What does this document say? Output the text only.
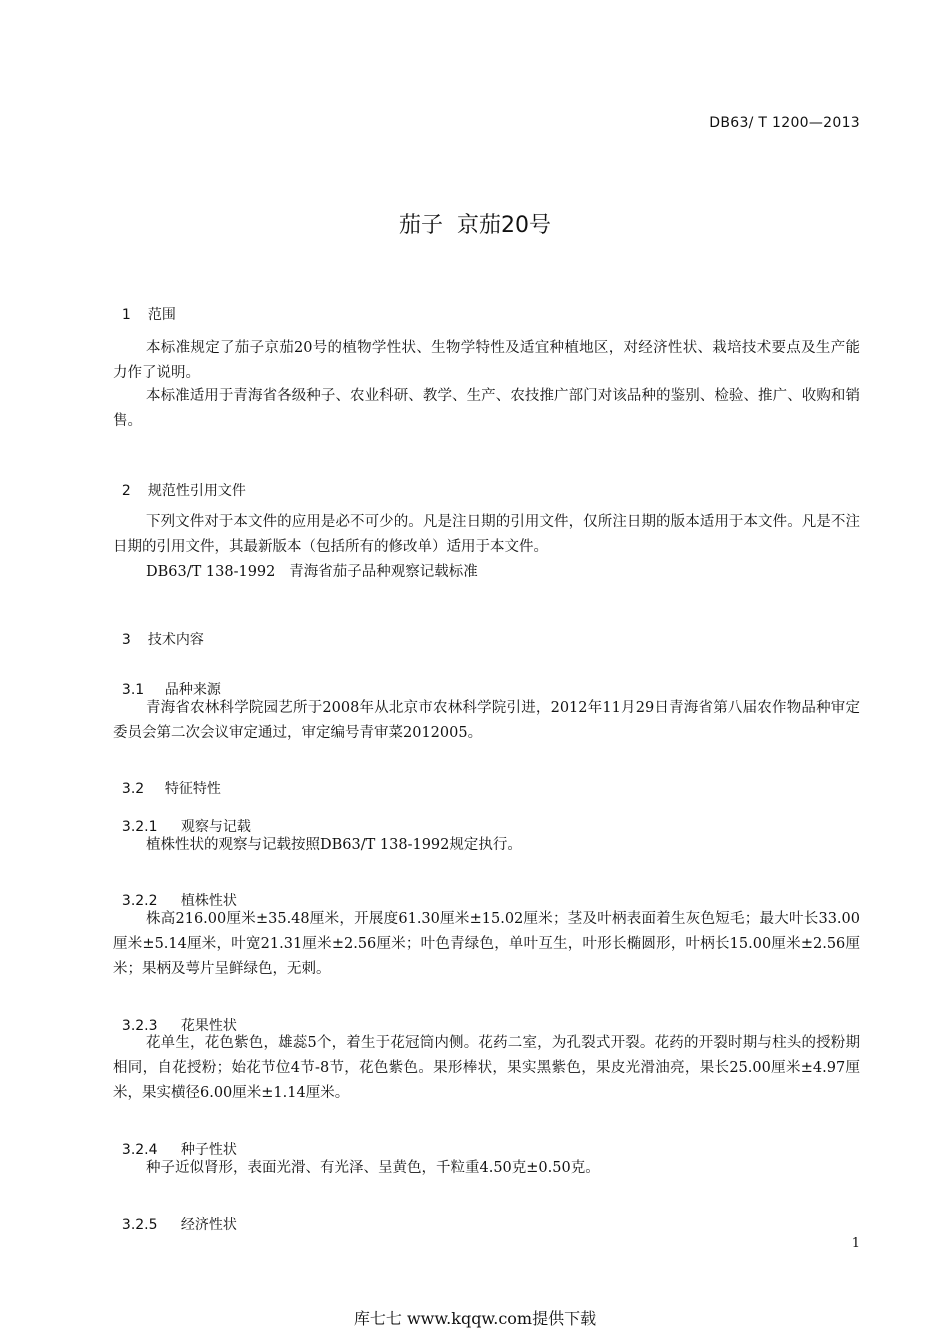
DB63/ T 1200—2013
茄子  京茄20号

1 范围

本标准规定了茄子京茄20号的植物学性状、生物学特性及适宜种植地区，对经济性状、栽培技术要点及生产能力作了说明。

本标准适用于青海省各级种子、农业科研、教学、生产、农技推广部门对该品种的鉴别、检验、推广、收购和销售。

2 规范性引用文件

下列文件对于本文件的应用是必不可少的。凡是注日期的引用文件，仅所注日期的版本适用于本文件。凡是不注日期的引用文件，其最新版本（包括所有的修改单）适用于本文件。

DB63/T 138-1992   青海省茄子品种观察记载标准

3 技术内容

3.1 品种来源

青海省农林科学院园艺所于2008年从北京市农林科学院引进，2012年11月29日青海省第八届农作物品种审定委员会第二次会议审定通过，审定编号青审菜2012005。

3.2 特征特性

3.2.1 观察与记载

植株性状的观察与记载按照DB63/T 138-1992规定执行。

3.2.2 植株性状

株高216.00厘米±35.48厘米，开展度61.30厘米±15.02厘米；茎及叶柄表面着生灰色短毛；最大叶长33.00厘米±5.14厘米，叶宽21.31厘米±2.56厘米；叶色青绿色，单叶互生，叶形长椭圆形，叶柄长15.00厘米±2.56厘米；果柄及萼片呈鲜绿色，无刺。

3.2.3 花果性状

花单生，花色紫色，雄蕊5个，着生于花冠筒内侧。花药二室，为孔裂式开裂。花药的开裂时期与柱头的授粉期相同，自花授粉；始花节位4节-8节，花色紫色。果形棒状，果实黑紫色，果皮光滑油亮，果长25.00厘米±4.97厘米，果实横径6.00厘米±1.14厘米。

3.2.4 种子性状

种子近似肾形，表面光滑、有光泽、呈黄色，千粒重4.50克±0.50克。

3.2.5 经济性状

1
库七七 www.kqqw.com提供下载
